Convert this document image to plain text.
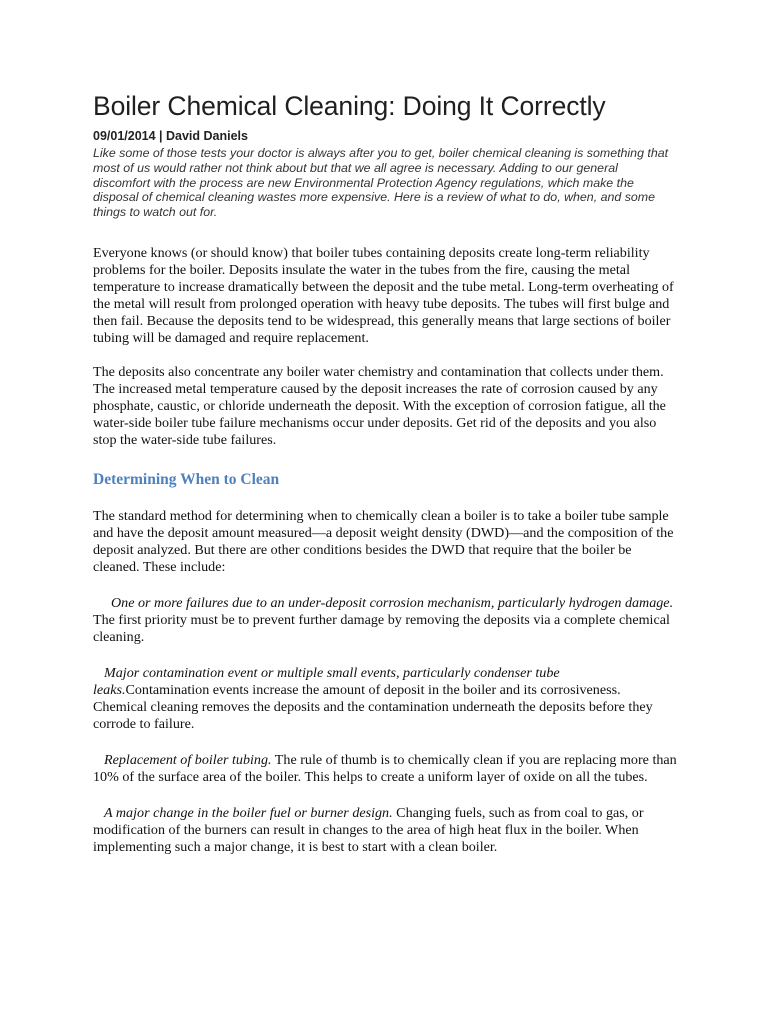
Boiler Chemical Cleaning: Doing It Correctly
09/01/2014 | David Daniels

Like some of those tests your doctor is always after you to get, boiler chemical cleaning is something that most of us would rather not think about but that we all agree is necessary. Adding to our general discomfort with the process are new Environmental Protection Agency regulations, which make the disposal of chemical cleaning wastes more expensive. Here is a review of what to do, when, and some things to watch out for.

Everyone knows (or should know) that boiler tubes containing deposits create long-term reliability problems for the boiler. Deposits insulate the water in the tubes from the fire, causing the metal temperature to increase dramatically between the deposit and the tube metal. Long-term overheating of the metal will result from prolonged operation with heavy tube deposits. The tubes will first bulge and then fail. Because the deposits tend to be widespread, this generally means that large sections of boiler tubing will be damaged and require replacement.

The deposits also concentrate any boiler water chemistry and contamination that collects under them. The increased metal temperature caused by the deposit increases the rate of corrosion caused by any phosphate, caustic, or chloride underneath the deposit. With the exception of corrosion fatigue, all the water-side boiler tube failure mechanisms occur under deposits. Get rid of the deposits and you also stop the water-side tube failures.

Determining When to Clean

The standard method for determining when to chemically clean a boiler is to take a boiler tube sample and have the deposit amount measured—a deposit weight density (DWD)—and the composition of the deposit analyzed. But there are other conditions besides the DWD that require that the boiler be cleaned. These include:

One or more failures due to an under-deposit corrosion mechanism, particularly hydrogen damage. The first priority must be to prevent further damage by removing the deposits via a complete chemical cleaning.

Major contamination event or multiple small events, particularly condenser tube leaks.Contamination events increase the amount of deposit in the boiler and its corrosiveness. Chemical cleaning removes the deposits and the contamination underneath the deposits before they corrode to failure.

Replacement of boiler tubing. The rule of thumb is to chemically clean if you are replacing more than 10% of the surface area of the boiler. This helps to create a uniform layer of oxide on all the tubes.

A major change in the boiler fuel or burner design. Changing fuels, such as from coal to gas, or modification of the burners can result in changes to the area of high heat flux in the boiler. When implementing such a major change, it is best to start with a clean boiler.
